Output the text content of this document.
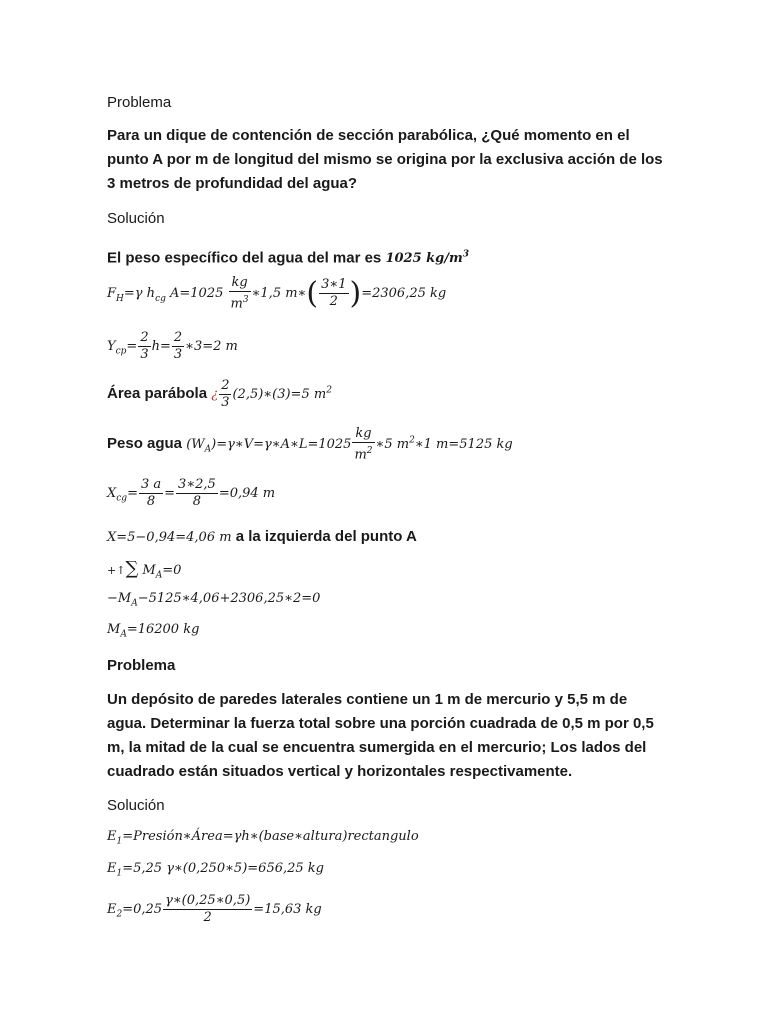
Problema
Para un dique de contención de sección parabólica, ¿Qué momento en el punto A por m de longitud del mismo se origina por la exclusiva acción de los 3 metros de profundidad del agua?
Solución
El peso específico del agua del mar es 1025 $kg/m^3$
$F_H=\gamma$ $h_{cg}$ $A=1025 \frac{kg}{m^3}$ ∗1,5 m∗( $\frac{3∗1}{2} )=2306,25$ kg
$Y_{cp}= \frac{2}{3} h= \frac{2}{3}$ ∗3=2 m
Área parábola ¿ $\frac{2}{3}$ (2,5)∗(3)=5 $m^2$
Peso agua $(W_A)=\gamma∗V=\gamma∗A∗L=1025 \frac{kg}{m^2}$ ∗5 $m^2∗1$ m=5125 kg
$X_{cg}= \frac{3 a}{8} = \frac{3∗2,5}{8} =0,94$ m
X=5−0,94=4,06 m a la izquierda del punto A
+↑∑ $M_A=0$
$-M_A-5125∗4,06+2306,25∗2=0$
$M_A=16200$ kg
Problema
Un depósito de paredes laterales contiene un 1 m de mercurio y 5,5 m de agua. Determinar la fuerza total sobre una porción cuadrada de 0,5 m por 0,5 m, la mitad de la cual se encuentra sumergida en el mercurio; Los lados del cuadrado están situados vertical y horizontales respectivamente.
Solución
$E_1=Presión∗Área=\gamma h∗(base∗altura)rectangulo$
$E_1=5,25$ γ∗(0,250∗5)=656,25 kg
$E_2=0,25 \frac{\gamma∗(0,25∗0,5)}{2} =15,63$ kg
